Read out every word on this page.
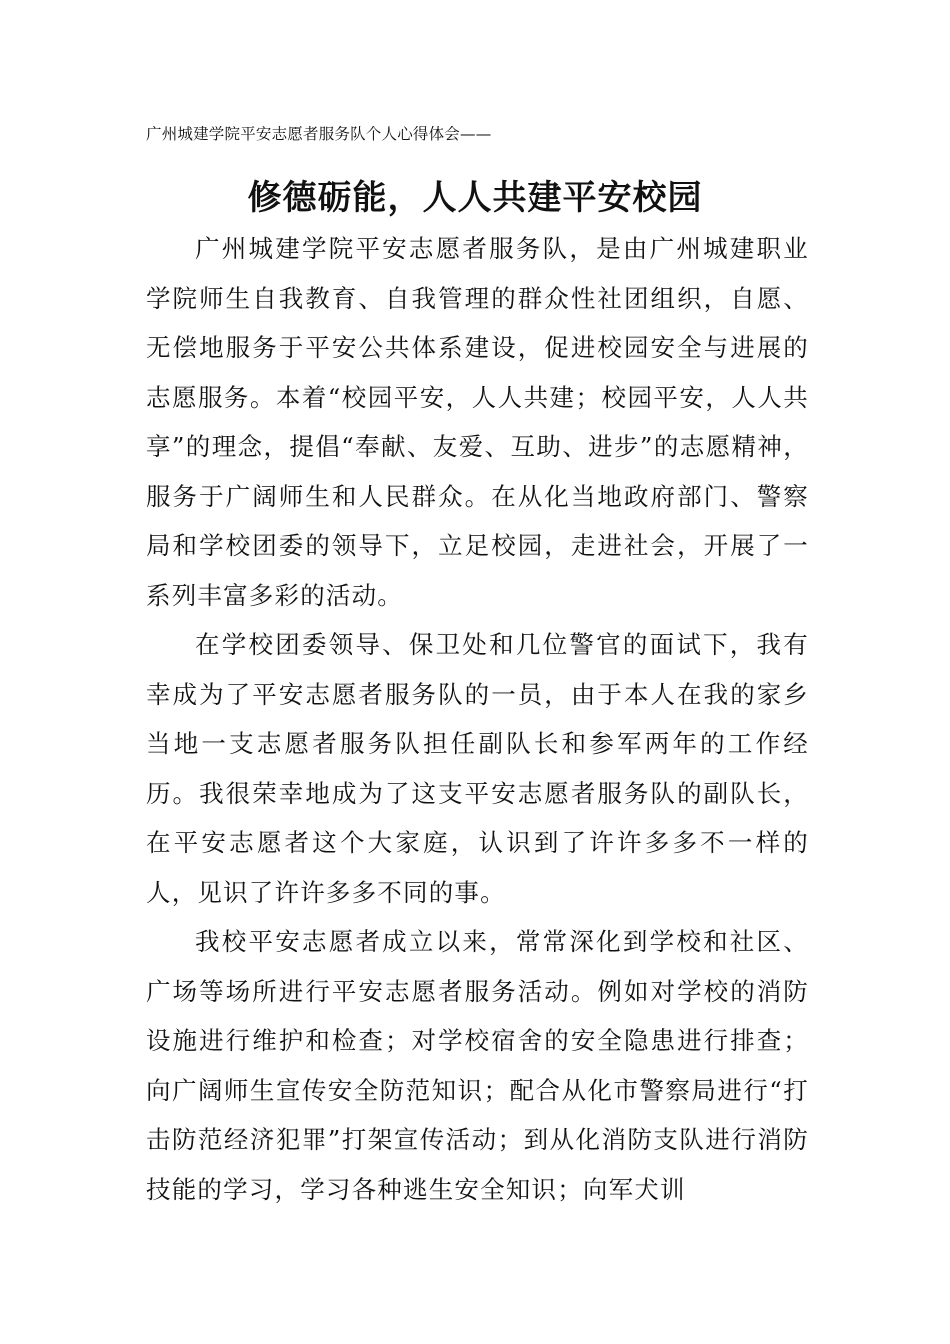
广州城建学院平安志愿者服务队个人心得体会——
修德砺能，人人共建平安校园

广州城建学院平安志愿者服务队，是由广州城建职业学院师生自我教育、自我管理的群众性社团组织，自愿、无偿地服务于平安公共体系建设，促进校园安全与进展的志愿服务。本着“校园平安，人人共建；校园平安，人人共享”的理念，提倡“奉献、友爱、互助、进步”的志愿精神，服务于广阔师生和人民群众。在从化当地政府部门、警察局和学校团委的领导下，立足校园，走进社会，开展了一系列丰富多彩的活动。

在学校团委领导、保卫处和几位警官的面试下，我有幸成为了平安志愿者服务队的一员，由于本人在我的家乡当地一支志愿者服务队担任副队长和参军两年的工作经历。我很荣幸地成为了这支平安志愿者服务队的副队长，在平安志愿者这个大家庭，认识到了许许多多不一样的人，见识了许许多多不同的事。

我校平安志愿者成立以来，常常深化到学校和社区、广场等场所进行平安志愿者服务活动。例如对学校的消防设施进行维护和检查；对学校宿舍的安全隐患进行排查；向广阔师生宣传安全防范知识；配合从化市警察局进行“打击防范经济犯罪”打架宣传活动；到从化消防支队进行消防技能的学习，学习各种逃生安全知识；向军犬训
